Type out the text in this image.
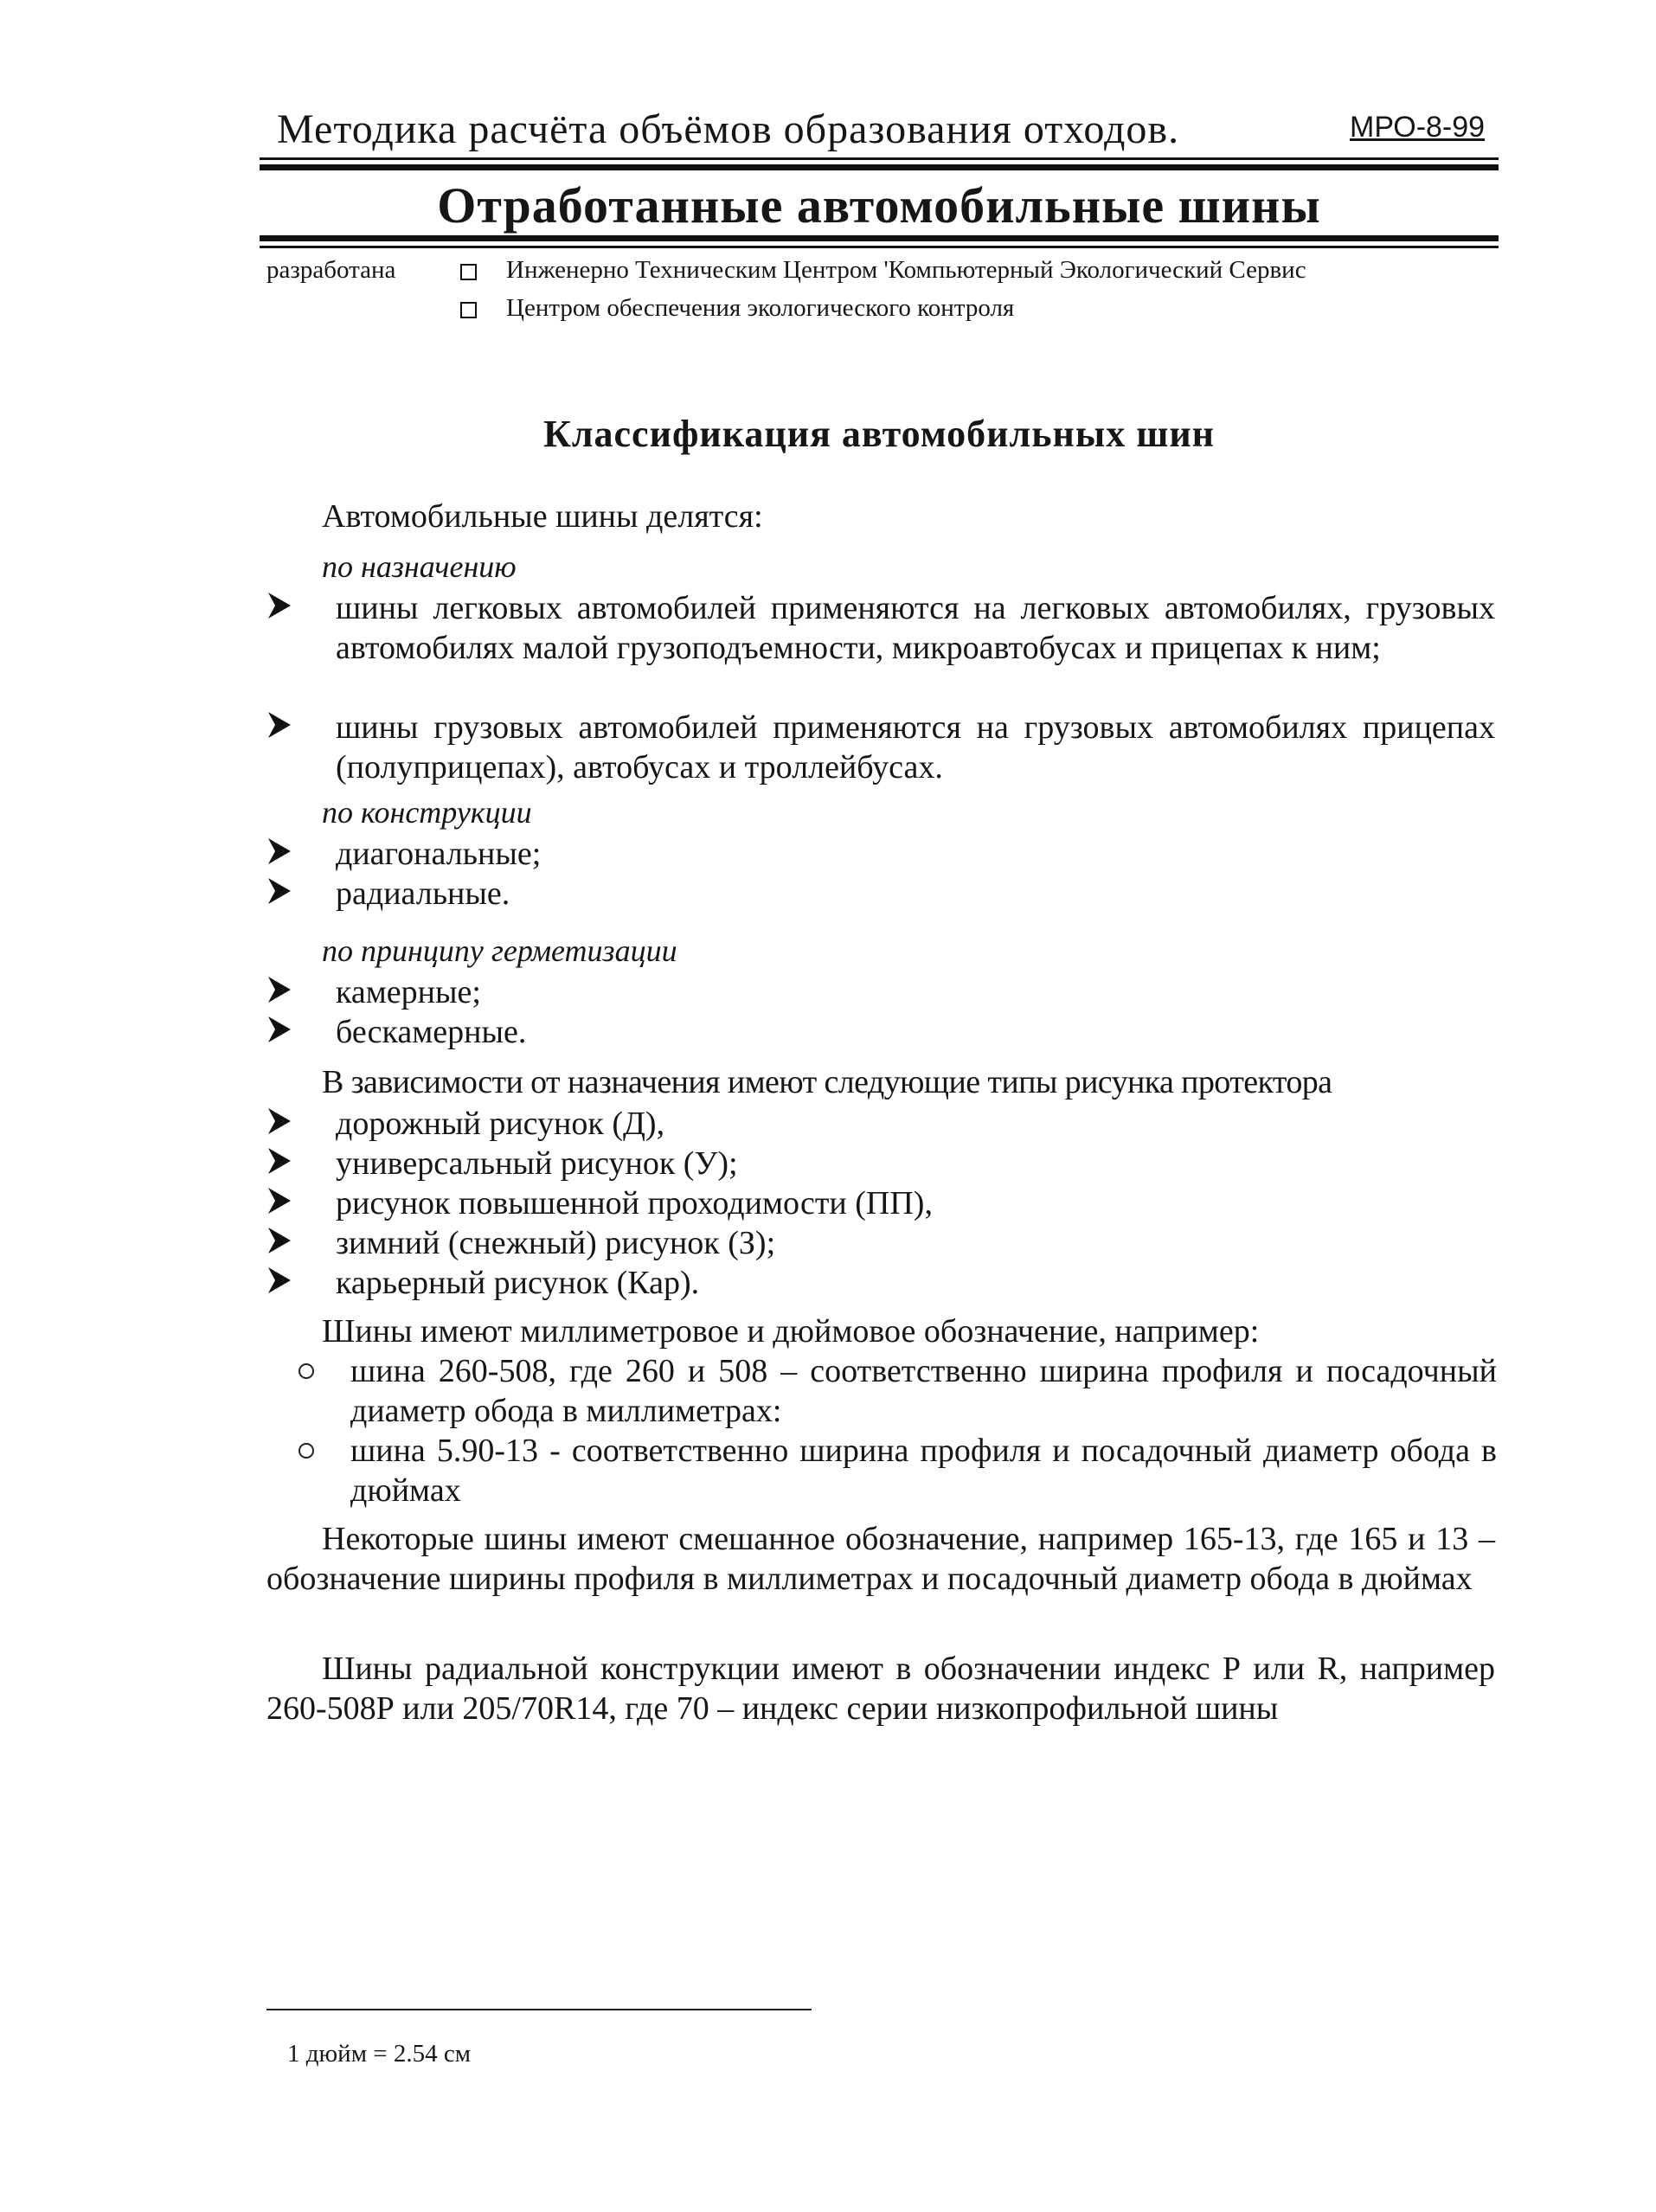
Методика расчёта объёмов образования отходов.	МРО-8-99
Отработанные автомобильные шины
разработана	Инженерно Техническим Центром 'Компьютерный Экологический Сервис
Центром обеспечения экологического контроля
Классификация автомобильных шин
Автомобильные шины делятся:
по назначению
шины легковых автомобилей применяются на легковых автомобилях, грузовых автомобилях малой грузоподъемности, микроавтобусах и прицепах к ним;
шины грузовых автомобилей применяются на грузовых автомобилях прицепах (полуприцепах), автобусах и троллейбусах.
по конструкции
диагональные;
радиальные.
по принципу герметизации
камерные;
бескамерные.
В зависимости от назначения имеют следующие типы рисунка протектора
дорожный рисунок (Д),
универсальный рисунок (У);
рисунок повышенной проходимости (ПП),
зимний (снежный) рисунок (З);
карьерный рисунок (Кар).
Шины имеют миллиметровое и дюймовое обозначение, например:
шина 260-508, где 260 и 508 – соответственно ширина профиля и посадочный диаметр обода в миллиметрах:
шина 5.90-13 - соответственно ширина профиля и посадочный диаметр обода в дюймах
Некоторые шины имеют смешанное обозначение, например 165-13, где 165 и 13 – обозначение ширины профиля в миллиметрах и посадочный диаметр обода в дюймах
Шины радиальной конструкции имеют в обозначении индекс Р или R, например 260-508Р или 205/70R14, где 70 – индекс серии низкопрофильной шины
1 дюйм = 2.54 см
